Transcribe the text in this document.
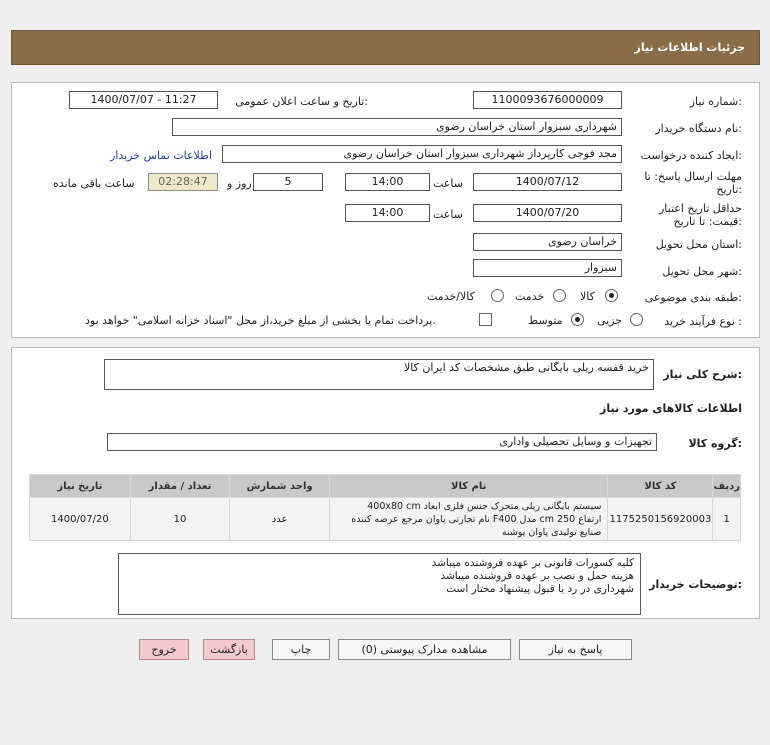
جزئیات اطلاعات نیاز
شماره نیاز:
1100093676000009
تاریخ و ساعت اعلان عمومی:
1400/07/07 - 11:27
نام دستگاه خریدار:
شهرداری سبزوار استان خراسان رضوی
ایجاد کننده درخواست:
مجد فوجی کارپرداز شهرداری سبزوار استان خراسان رضوی
اطلاعات تماس خریدار
مهلت ارسال پاسخ: تا
تاریخ:
1400/07/12
ساعت
14:00
5
روز و
02:28:47
ساعت باقی مانده
حداقل تاریخ اعتبار
قیمت: تا تاریخ:
1400/07/20
ساعت
14:00
استان محل تحویل:
خراسان رضوی
شهر محل تحویل:
سبزوار
طبقه بندی موضوعی:
کالا
خدمت
کالا/خدمت
نوع فرآیند خرید :
جزیی
متوسط
پرداخت تمام یا بخشی از مبلغ خرید،از محل "اسناد خزانه اسلامی" خواهد بود.
شرح کلی نیاز:
خرید قفسه ریلی بایگانی طبق مشخصات کد ایران کالا
اطلاعات کالاهای مورد نیاز
گروه کالا:
تجهیزات و وسایل تحصیلی واداری
ردیف	کد کالا	نام کالا	واحد شمارش	تعداد / مقدار	تاریخ نیاز
1	1175250156920003	سیستم بایگانی ریلی متحرک جنس فلزی ابعاد 400x80 cm
ارتفاع 250 cm مدل F400 نام تجارتی پاوان مرجع عرضه کننده
صنایع تولیدی پاوان پوشنه	عدد	10	1400/07/20
توضیحات خریدار:
کلیه کسورات قانونی بر عهده فروشنده میباشد
هزینه حمل و نصب بر عهده فروشنده میباشد
شهرداری در رد یا قبول پیشنهاد مختار است
پاسخ به نیاز
مشاهده مدارک پیوستی (0)
چاپ
بازگشت
خروج
